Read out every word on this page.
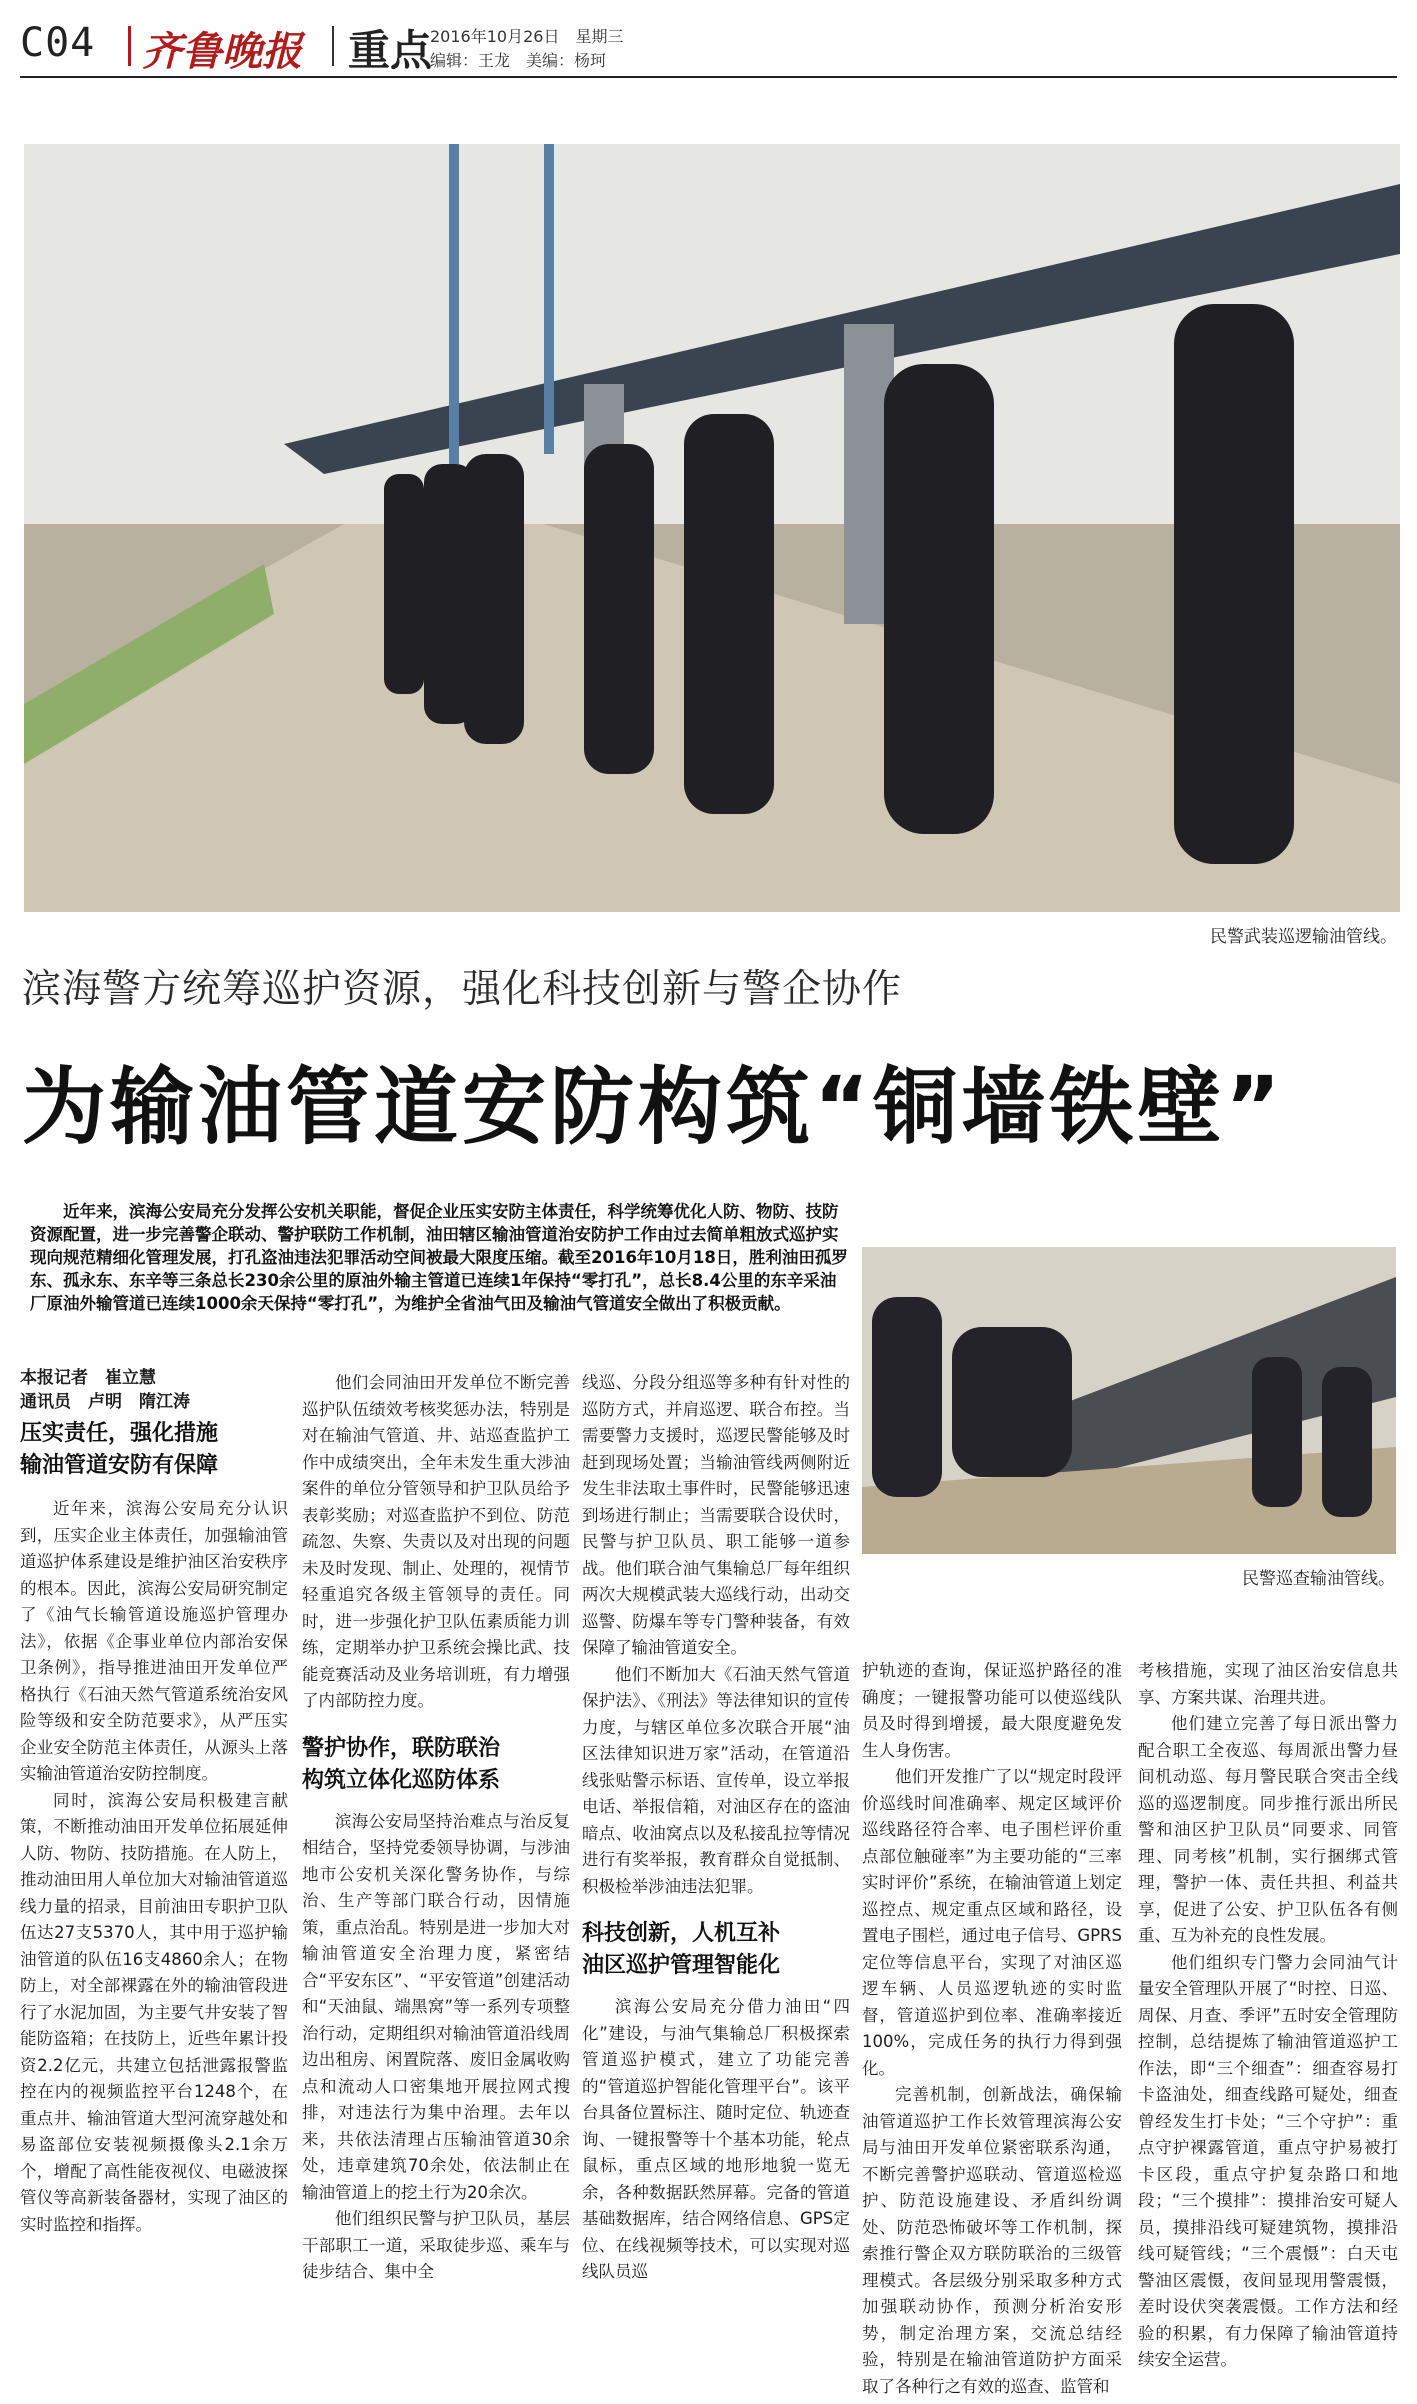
C04 齐鲁晚报 重点
2016年10月26日　星期三
编辑：王龙　美编：杨珂
民警武装巡逻输油管线。
滨海警方统筹巡护资源，强化科技创新与警企协作
为输油管道安防构筑“铜墙铁壁”
近年来，滨海公安局充分发挥公安机关职能，督促企业压实安防主体责任，科学统筹优化人防、物防、技防资源配置，进一步完善警企联动、警护联防工作机制，油田辖区输油管道治安防护工作由过去简单粗放式巡护实现向规范精细化管理发展，打孔盗油违法犯罪活动空间被最大限度压缩。截至2016年10月18日，胜利油田孤罗东、孤永东、东辛等三条总长230余公里的原油外输主管道已连续1年保持“零打孔”，总长8.4公里的东辛采油厂原油外输管道已连续1000余天保持“零打孔”，为维护全省油气田及输油气管道安全做出了积极贡献。
民警巡查输油管线。
本报记者　崔立慧
通讯员　卢明　隋江涛
压实责任，强化措施
输油管道安防有保障

近年来，滨海公安局充分认识到，压实企业主体责任，加强输油管道巡护体系建设是维护油区治安秩序的根本。因此，滨海公安局研究制定了《油气长输管道设施巡护管理办法》，依据《企事业单位内部治安保卫条例》，指导推进油田开发单位严格执行《石油天然气管道系统治安风险等级和安全防范要求》，从严压实企业安全防范主体责任，从源头上落实输油管道治安防控制度。

同时，滨海公安局积极建言献策，不断推动油田开发单位拓展延伸人防、物防、技防措施。在人防上，推动油田用人单位加大对输油管道巡线力量的招录，目前油田专职护卫队伍达27支5370人，其中用于巡护输油管道的队伍16支4860余人；在物防上，对全部裸露在外的输油管段进行了水泥加固，为主要气井安装了智能防盗箱；在技防上，近些年累计投资2.2亿元，共建立包括泄露报警监控在内的视频监控平台1248个，在重点井、输油管道大型河流穿越处和易盗部位安装视频摄像头2.1余万个，增配了高性能夜视仪、电磁波探管仪等高新装备器材，实现了油区的实时监控和指挥。

他们会同油田开发单位不断完善巡护队伍绩效考核奖惩办法，特别是对在输油气管道、井、站巡查监护工作中成绩突出，全年未发生重大涉油案件的单位分管领导和护卫队员给予表彰奖励；对巡查监护不到位、防范疏忽、失察、失责以及对出现的问题未及时发现、制止、处理的，视情节轻重追究各级主管领导的责任。同时，进一步强化护卫队伍素质能力训练，定期举办护卫系统会操比武、技能竞赛活动及业务培训班，有力增强了内部防控力度。

警护协作，联防联治
构筑立体化巡防体系

滨海公安局坚持治难点与治反复相结合，坚持党委领导协调，与涉油地市公安机关深化警务协作，与综治、生产等部门联合行动，因情施策，重点治乱。特别是进一步加大对输油管道安全治理力度，紧密结合“平安东区”、“平安管道”创建活动和“天油鼠、端黑窝”等一系列专项整治行动，定期组织对输油管道沿线周边出租房、闲置院落、废旧金属收购点和流动人口密集地开展拉网式搜排，对违法行为集中治理。去年以来，共依法清理占压输油管道30余处，违章建筑70余处，依法制止在输油管道上的挖土行为20余次。

他们组织民警与护卫队员，基层干部职工一道，采取徒步巡、乘车与徒步结合、集中全

线巡、分段分组巡等多种有针对性的巡防方式，并肩巡逻、联合布控。当需要警力支援时，巡逻民警能够及时赶到现场处置；当输油管线两侧附近发生非法取土事件时，民警能够迅速到场进行制止；当需要联合设伏时，民警与护卫队员、职工能够一道参战。他们联合油气集输总厂每年组织两次大规模武装大巡线行动，出动交巡警、防爆车等专门警种装备，有效保障了输油管道安全。

他们不断加大《石油天然气管道保护法》、《刑法》等法律知识的宣传力度，与辖区单位多次联合开展“油区法律知识进万家”活动，在管道沿线张贴警示标语、宣传单，设立举报电话、举报信箱，对油区存在的盗油暗点、收油窝点以及私接乱拉等情况进行有奖举报，教育群众自觉抵制、积极检举涉油违法犯罪。

科技创新，人机互补
油区巡护管理智能化

滨海公安局充分借力油田“四化”建设，与油气集输总厂积极探索管道巡护模式，建立了功能完善的“管道巡护智能化管理平台”。该平台具备位置标注、随时定位、轨迹查询、一键报警等十个基本功能，轮点鼠标，重点区域的地形地貌一览无余，各种数据跃然屏幕。完备的管道基础数据库，结合网络信息、GPS定位、在线视频等技术，可以实现对巡线队员巡

护轨迹的查询，保证巡护路径的准确度；一键报警功能可以使巡线队员及时得到增援，最大限度避免发生人身伤害。

他们开发推广了以“规定时段评价巡线时间准确率、规定区域评价巡线路径符合率、电子围栏评价重点部位触碰率”为主要功能的“三率实时评价”系统，在输油管道上划定巡控点、规定重点区域和路径，设置电子围栏，通过电子信号、GPRS定位等信息平台，实现了对油区巡逻车辆、人员巡逻轨迹的实时监督，管道巡护到位率、准确率接近100%，完成任务的执行力得到强化。

完善机制，创新战法，确保输油管道巡护工作长效管理滨海公安局与油田开发单位紧密联系沟通，不断完善警护巡联动、管道巡检巡护、防范设施建设、矛盾纠纷调处、防范恐怖破坏等工作机制，探索推行警企双方联防联治的三级管理模式。各层级分别采取多种方式加强联动协作，预测分析治安形势，制定治理方案，交流总结经验，特别是在输油管道防护方面采取了各种行之有效的巡查、监管和

考核措施，实现了油区治安信息共享、方案共谋、治理共进。

他们建立完善了每日派出警力配合职工全夜巡、每周派出警力昼间机动巡、每月警民联合突击全线巡的巡逻制度。同步推行派出所民警和油区护卫队员“同要求、同管理、同考核”机制，实行捆绑式管理，警护一体、责任共担、利益共享，促进了公安、护卫队伍各有侧重、互为补充的良性发展。

他们组织专门警力会同油气计量安全管理队开展了“时控、日巡、周保、月查、季评”五时安全管理防控制，总结提炼了输油管道巡护工作法，即“三个细查”：细查容易打卡盗油处，细查线路可疑处，细查曾经发生打卡处；“三个守护”：重点守护裸露管道，重点守护易被打卡区段，重点守护复杂路口和地段；“三个摸排”：摸排治安可疑人员，摸排沿线可疑建筑物，摸排沿线可疑管线；“三个震慑”：白天屯警油区震慑，夜间显现用警震慑，差时设伏突袭震慑。工作方法和经验的积累，有力保障了输油管道持续安全运营。
